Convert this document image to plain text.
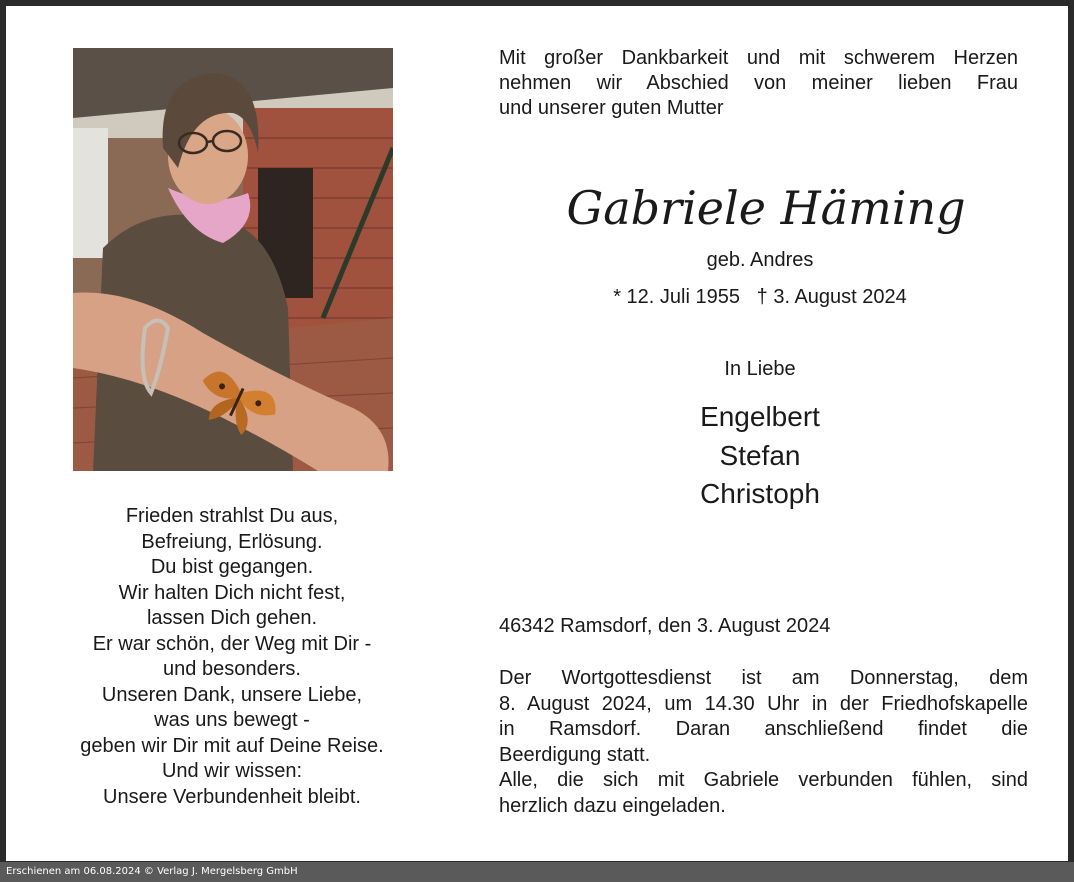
Frieden strahlst Du aus,
Befreiung, Erlösung.
Du bist gegangen.
Wir halten Dich nicht fest,
lassen Dich gehen.
Er war schön, der Weg mit Dir -
und besonders.
Unseren Dank, unsere Liebe,
was uns bewegt -
geben wir Dir mit auf Deine Reise.
Und wir wissen:
Unsere Verbundenheit bleibt.
Mit großer Dankbarkeit und mit schwerem Herzen
nehmen wir Abschied von meiner lieben Frau
und unserer guten Mutter
Gabriele Häming
geb. Andres
* 12. Juli 1955   † 3. August 2024
In Liebe
Engelbert
Stefan
Christoph
46342 Ramsdorf, den 3. August 2024
Der Wortgottesdienst ist am Donnerstag, dem
8. August 2024, um 14.30 Uhr in der Friedhofskapelle
in Ramsdorf. Daran anschließend findet die
Beerdigung statt.
Alle, die sich mit Gabriele verbunden fühlen, sind
herzlich dazu eingeladen.
Erschienen am 06.08.2024 © Verlag J. Mergelsberg GmbH
